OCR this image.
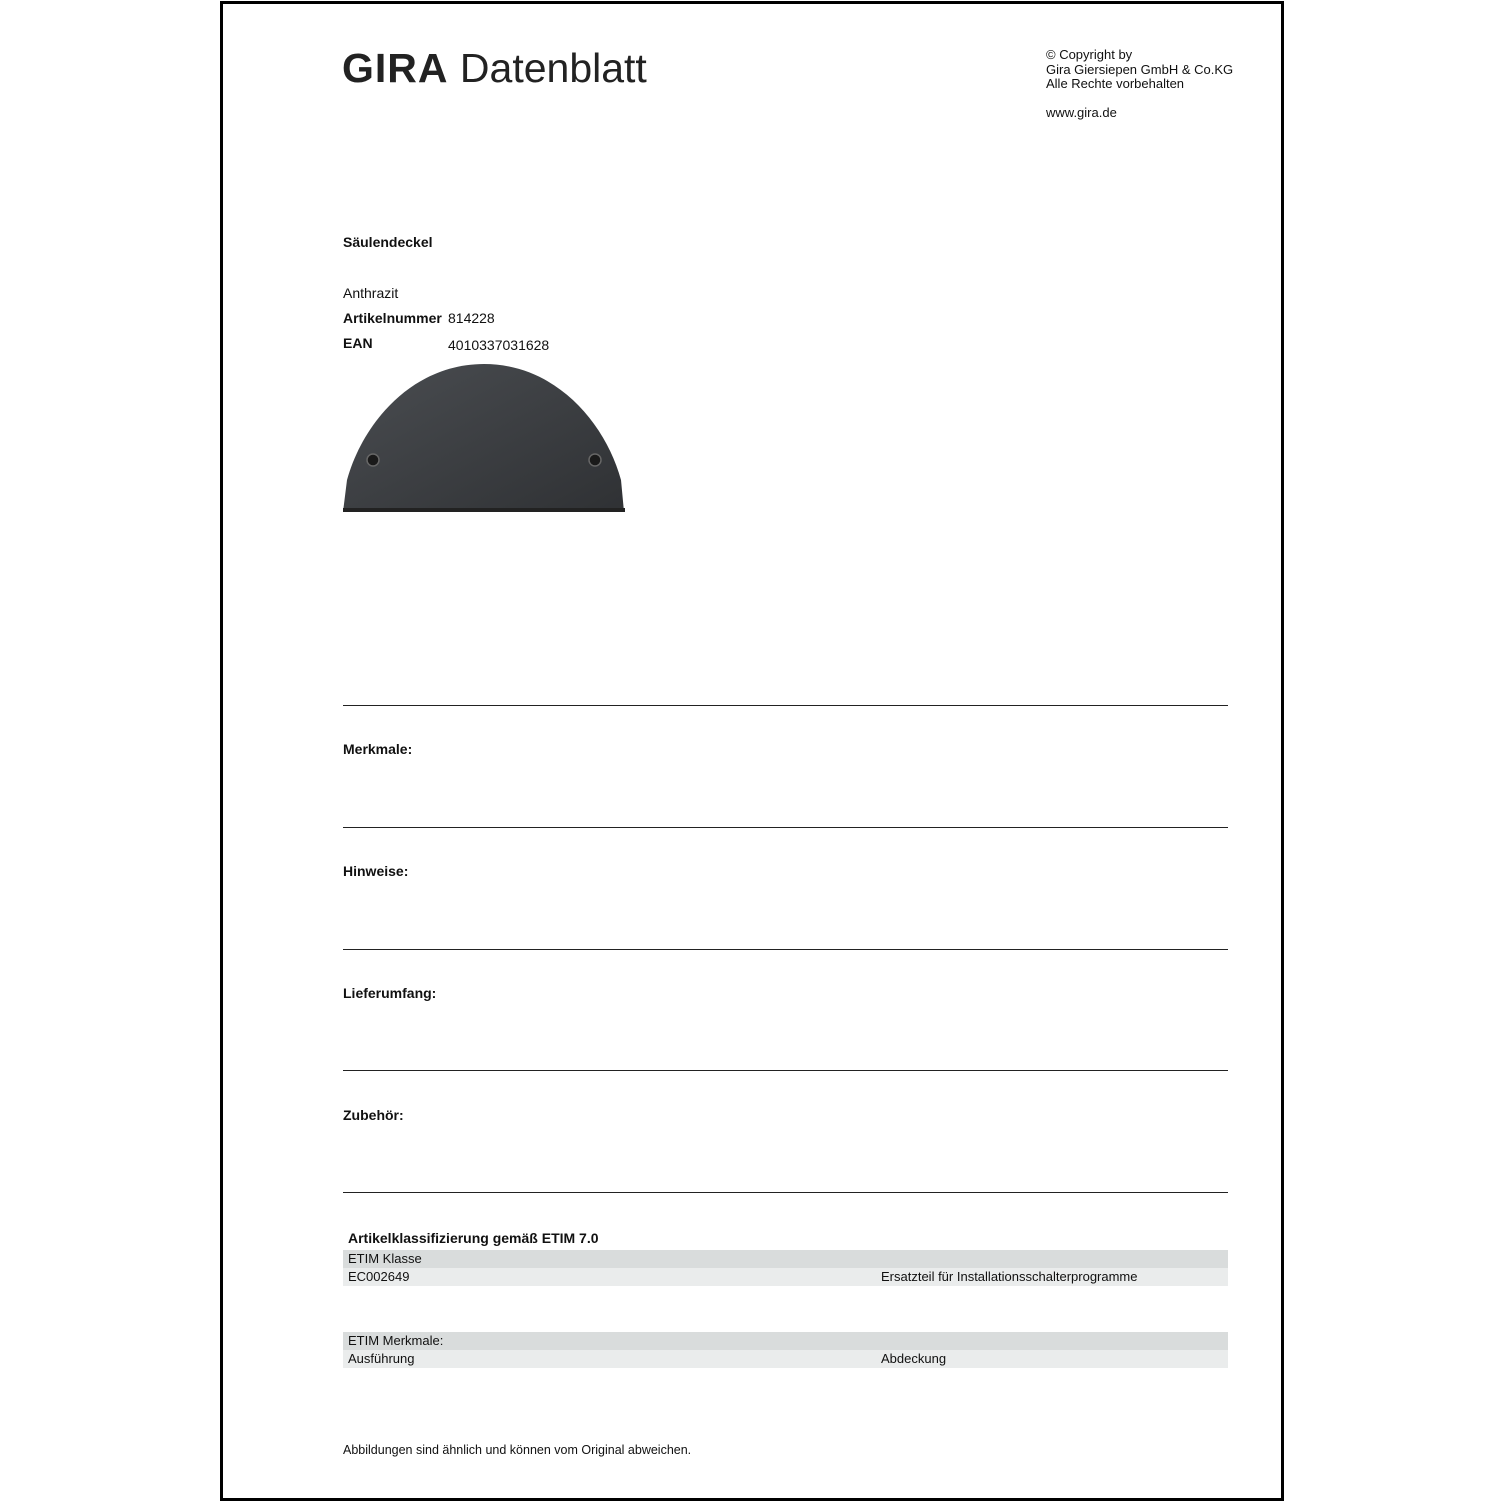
GIRA Datenblatt	© Copyright by
Gira Giersiepen GmbH & Co.KG
Alle Rechte vorbehalten
www.gira.de
Säulendeckel
Anthrazit
Artikelnummer 814228
EAN	4010337031628
Merkmale:
Hinweise:
Lieferumfang:
Zubehör:
Artikelklassifizierung gemäß ETIM 7.0
ETIM Klasse
EC002649	Ersatzteil für Installationsschalterprogramme
ETIM Merkmale:
Ausführung	Abdeckung
Abbildungen sind ähnlich und können vom Original abweichen.
